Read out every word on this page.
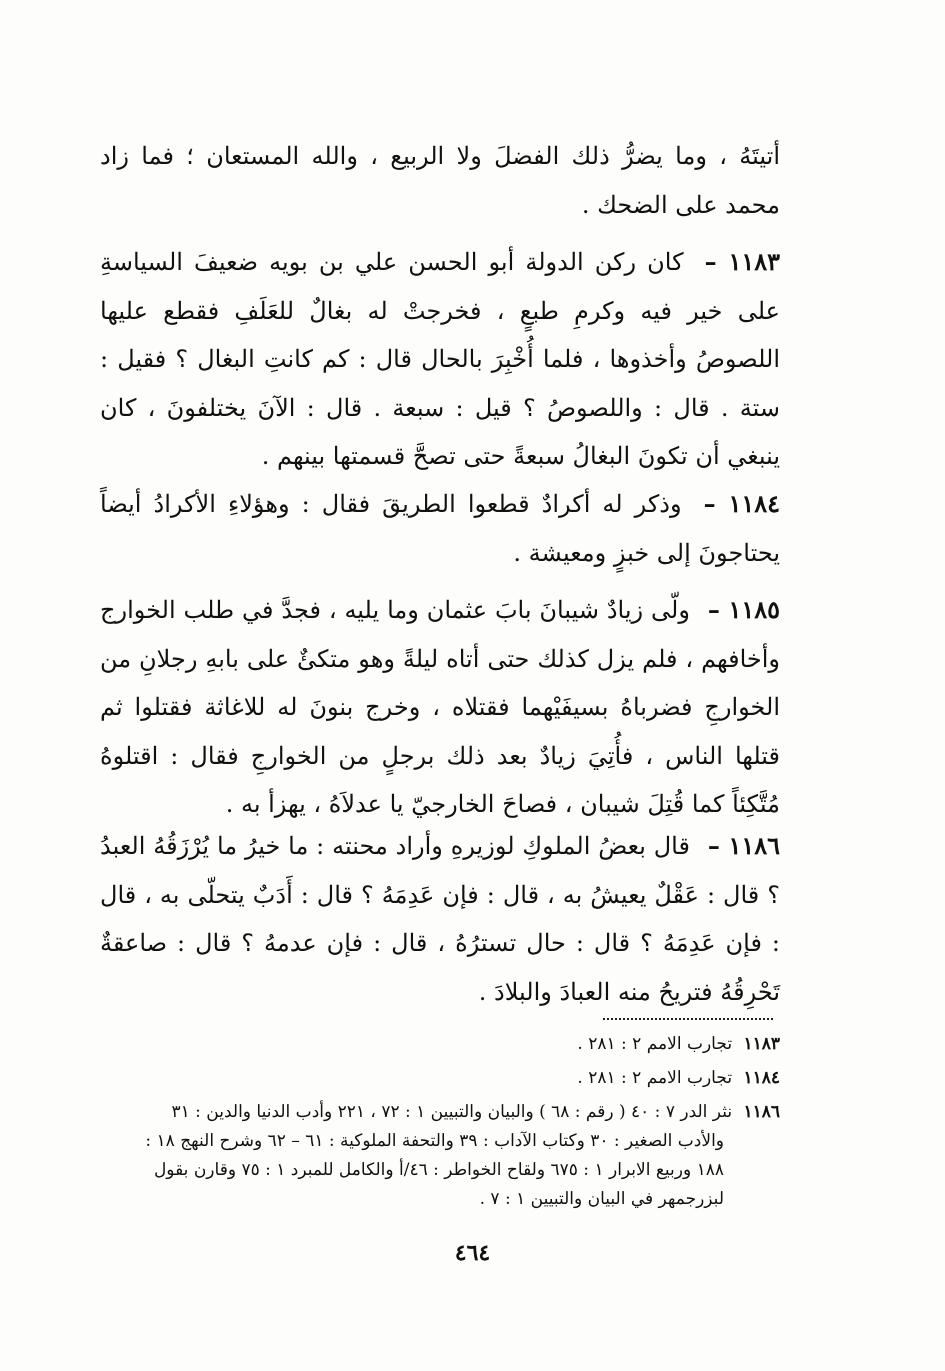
أتيتَهُ ، وما يضرُّ ذلك الفضلَ ولا الربيع ، والله المستعان ؛ فما زاد محمد على الضحك .

١١٨٣ – كان ركن الدولة أبو الحسن علي بن بويه ضعيفَ السياسةِ على خير فيه وكرمِ طبعٍ ، فخرجتْ له بغالٌ للعَلَفِ فقطع عليها اللصوصُ وأخذوها ، فلما أُخْبِرَ بالحال قال : كم كانتِ البغال ؟ فقيل : ستة . قال : واللصوصُ ؟ قيل : سبعة . قال : الآنَ يختلفونَ ، كان ينبغي أن تكونَ البغالُ سبعةً حتى تصحَّ قسمتها بينهم .

١١٨٤ – وذكر له أكرادٌ قطعوا الطريقَ فقال : وهؤلاءِ الأكرادُ أيضاً يحتاجونَ إلى خبزٍ ومعيشة .

١١٨٥ – ولّى زيادٌ شيبانَ بابَ عثمان وما يليه ، فجدَّ في طلب الخوارج وأخافهم ، فلم يزل كذلك حتى أتاه ليلةً وهو متكئٌ على بابهِ رجلانِ من الخوارجِ فضرباهُ بسيفَيْهما فقتلاه ، وخرج بنونَ له للاغاثة فقتلوا ثم قتلها الناس ، فأُتِيَ زيادٌ بعد ذلك برجلٍ من الخوارجِ فقال : اقتلوهُ مُتَّكِئاً كما قُتِلَ شيبان ، فصاحَ الخارجيّ يا عدلاَهُ ، يهزأ به .

١١٨٦ – قال بعضُ الملوكِ لوزيرهِ وأراد محنته : ما خيرُ ما يُرْزَقُهُ العبدُ ؟ قال : عَقْلٌ يعيشُ به ، قال : فإن عَدِمَهُ ؟ قال : أَدَبٌ يتحلّى به ، قال : فإن عَدِمَهُ ؟ قال : حال تسترُهُ ، قال : فإن عدمهُ ؟ قال : صاعقةٌ تَحْرِقُهُ فتريحُ منه العبادَ والبلادَ .

١١٨٣ تجارب الامم ٢ : ٢٨١ .
١١٨٤ تجارب الامم ٢ : ٢٨١ .
١١٨٦ نثر الدر ٧ : ٤٠ ( رقم : ٦٨ ) والبيان والتبيين ١ : ٧٢ ، ٢٢١ وأدب الدنيا والدين : ٣١
والأدب الصغير : ٣٠ وكتاب الآداب : ٣٩ والتحفة الملوكية : ٦١ – ٦٢ وشرح النهج ١٨ :
١٨٨ وربيع الابرار ١ : ٦٧٥ ولقاح الخواطر : ٤٦/أ والكامل للمبرد ١ : ٧٥ وقارن بقول
لبزرجمهر في البيان والتبيين ١ : ٧ .
٤٦٤
